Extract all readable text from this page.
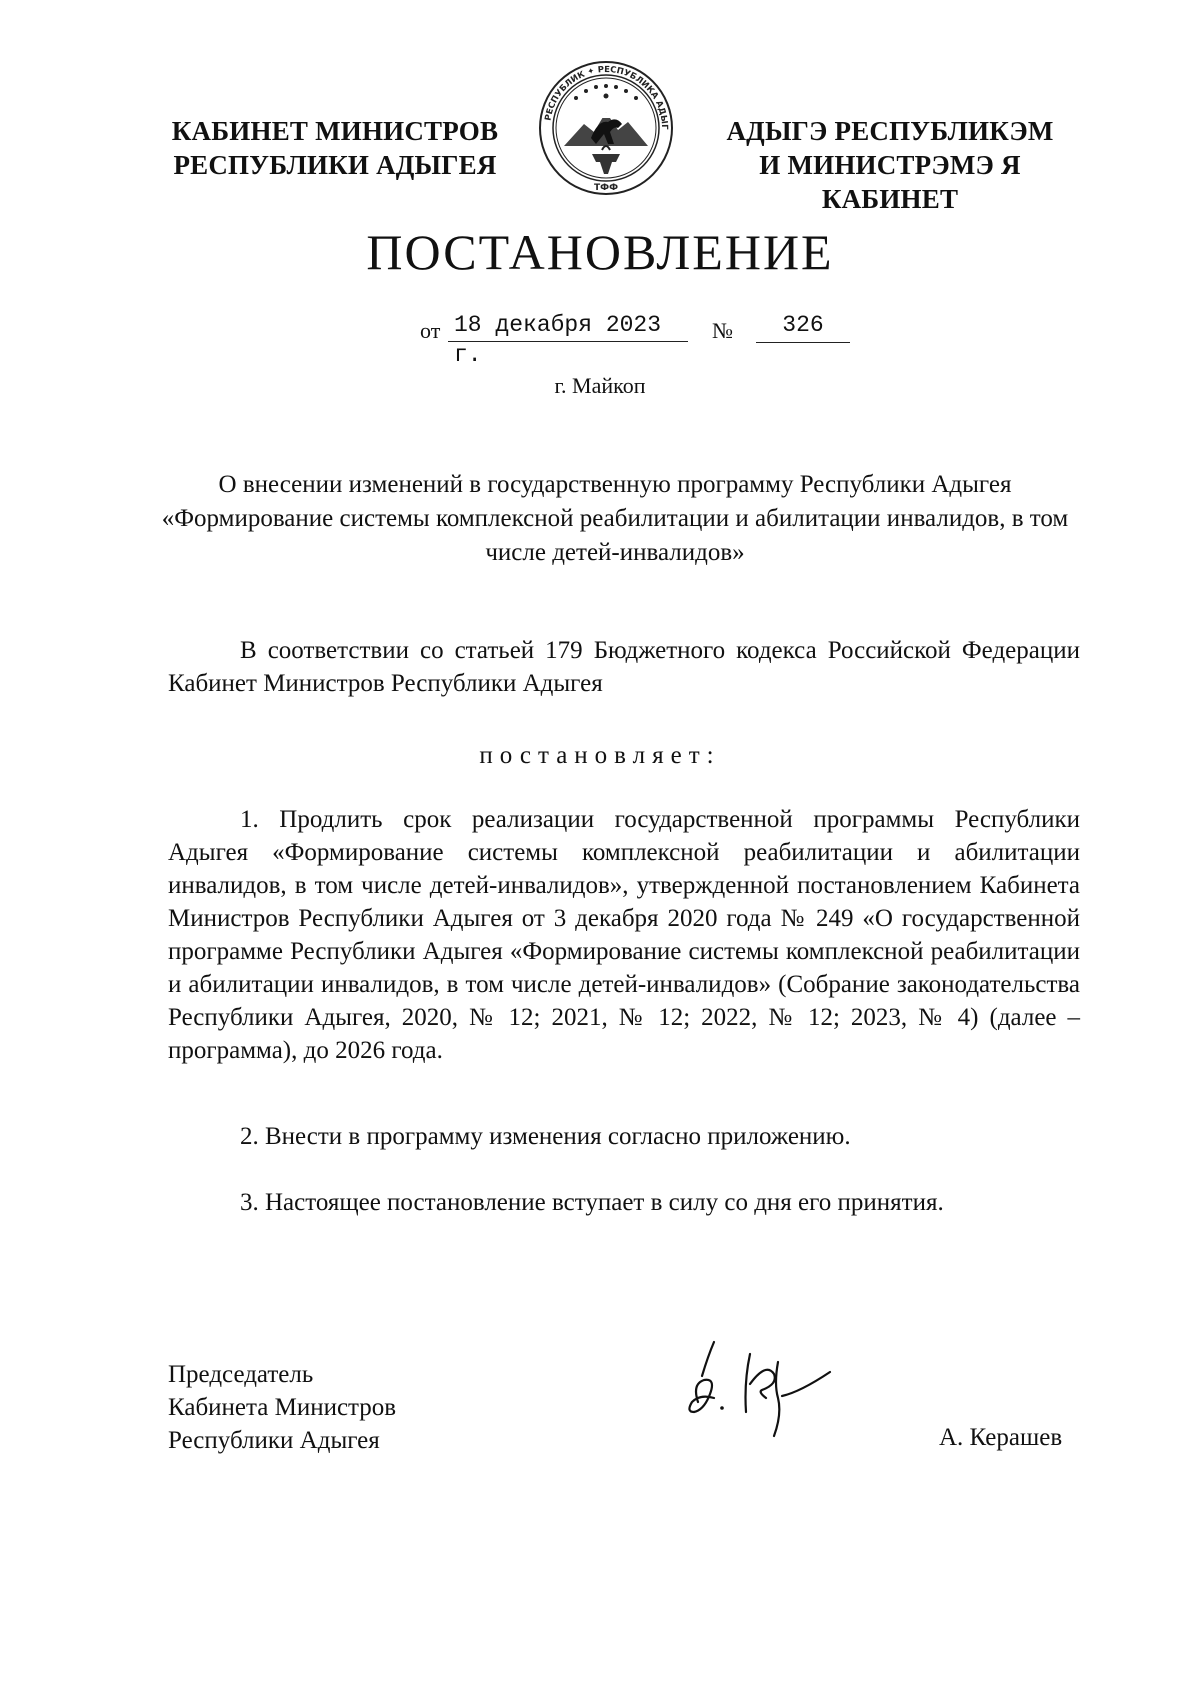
КАБИНЕТ МИНИСТРОВ
РЕСПУБЛИКИ АДЫГЕЯ
РЕСПУБЛИК ✦ РЕСПУБЛИКА АДЫГ
ТФФ
АДЫГЭ РЕСПУБЛИКЭМ
И МИНИСТРЭМЭ Я КАБИНЕТ
ПОСТАНОВЛЕНИЕ
от 18 декабря 2023 г.
№	326
г. Майкоп
О внесении изменений в государственную программу Республики Адыгея «Формирование системы комплексной реабилитации и абилитации инвалидов, в том числе детей-инвалидов»
В соответствии со статьей 179 Бюджетного кодекса Российской Федерации Кабинет Министров Республики Адыгея
постановляет:
1. Продлить срок реализации государственной программы Республики Адыгея «Формирование системы комплексной реабилитации и абилитации инвалидов, в том числе детей-инвалидов», утвержденной постановлением Кабинета Министров Республики Адыгея от 3 декабря 2020 года № 249 «О государственной программе Республики Адыгея «Формирование системы комплексной реабилитации и абилитации инвалидов, в том числе детей-инвалидов» (Собрание законодательства Республики Адыгея, 2020, № 12; 2021, № 12; 2022, № 12; 2023, № 4) (далее – программа), до 2026 года.
2. Внести в программу изменения согласно приложению.
3. Настоящее постановление вступает в силу со дня его принятия.
Председатель
Кабинета Министров
Республики Адыгея	А. Керашев
